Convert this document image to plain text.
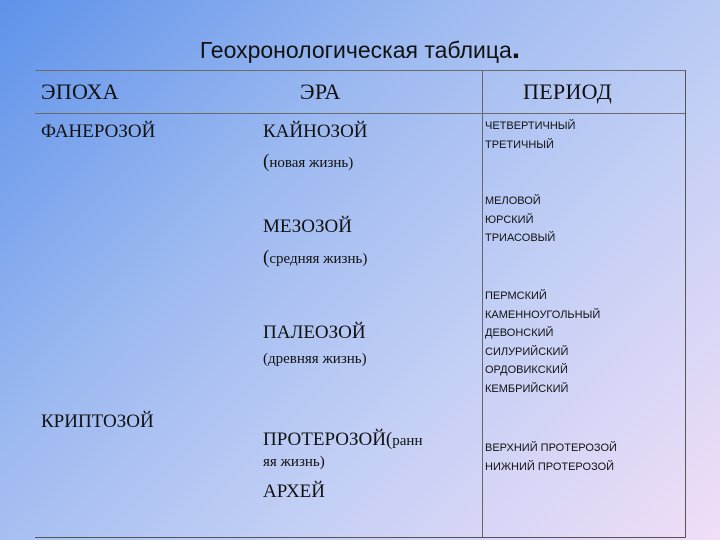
Геохронологическая таблица.
ЭПОХА	ЭРА	ПЕРИОД
ФАНЕРОЗОЙ
КРИПТОЗОЙ
КАЙНОЗОЙ
(новая жизнь)
МЕЗОЗОЙ
(средняя жизнь)
ПАЛЕОЗОЙ
(древняя жизнь)
ПРОТЕРОЗОЙ(ранн
яя жизнь)
АРХЕЙ
ЧЕТВЕРТИЧНЫЙ
ТРЕТИЧНЫЙ
МЕЛОВОЙ
ЮРСКИЙ
ТРИАСОВЫЙ
ПЕРМСКИЙ
КАМЕННОУГОЛЬНЫЙ
ДЕВОНСКИЙ
СИЛУРИЙСКИЙ
ОРДОВИКСКИЙ
КЕМБРИЙСКИЙ
ВЕРХНИЙ ПРОТЕРОЗОЙ
НИЖНИЙ ПРОТЕРОЗОЙ
